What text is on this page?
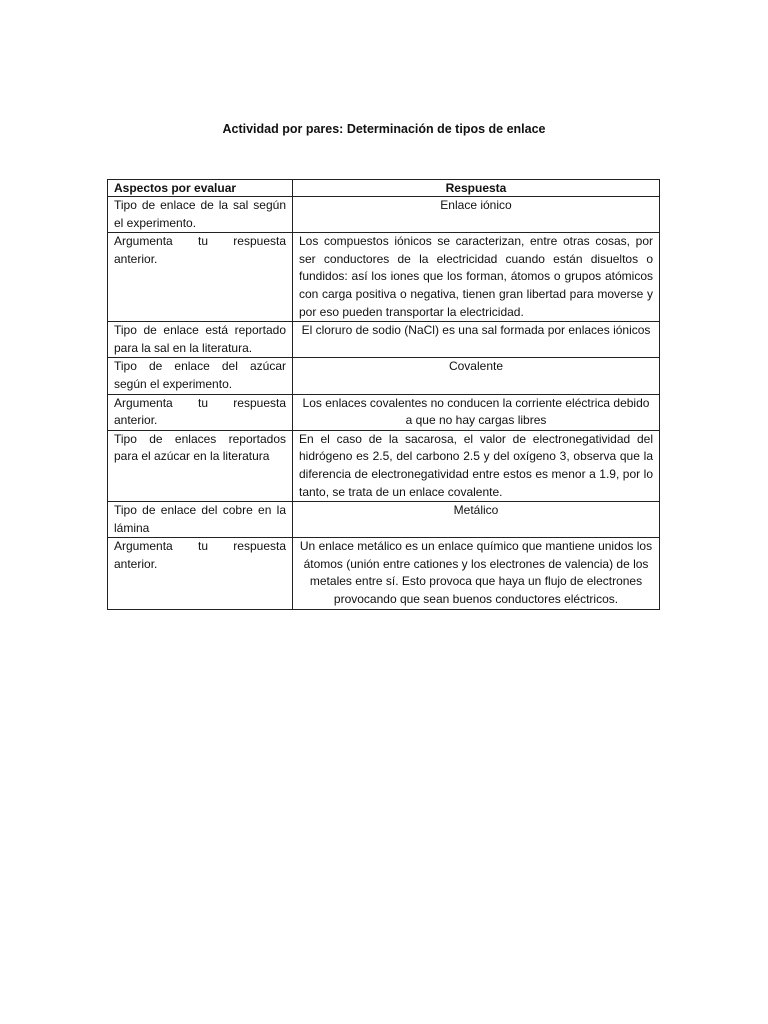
Actividad por pares: Determinación de tipos de enlace
Aspectos por evaluar	Respuesta
Tipo de enlace de la sal según el experimento.	Enlace iónico
Argumenta tu respuesta anterior.	Los compuestos iónicos se caracterizan, entre otras cosas, por ser conductores de la electricidad cuando están disueltos o fundidos: así los iones que los forman, átomos o grupos atómicos con carga positiva o negativa, tienen gran libertad para moverse y por eso pueden transportar la electricidad.
Tipo de enlace está reportado para la sal en la literatura.	El cloruro de sodio (NaCl) es una sal formada por enlaces iónicos
Tipo de enlace del azúcar según el experimento.	Covalente
Argumenta tu respuesta anterior.	Los enlaces covalentes no conducen la corriente eléctrica debido a que no hay cargas libres
Tipo de enlaces reportados para el azúcar en la literatura	En el caso de la sacarosa, el valor de electronegatividad del hidrógeno es 2.5, del carbono 2.5 y del oxígeno 3, observa que la diferencia de electronegatividad entre estos es menor a 1.9, por lo tanto, se trata de un enlace covalente.
Tipo de enlace del cobre en la lámina	Metálico
Argumenta tu respuesta anterior.	Un enlace metálico es un enlace químico que mantiene unidos los átomos (unión entre cationes y los electrones de valencia) de los metales entre sí. Esto provoca que haya un flujo de electrones provocando que sean buenos conductores eléctricos.
